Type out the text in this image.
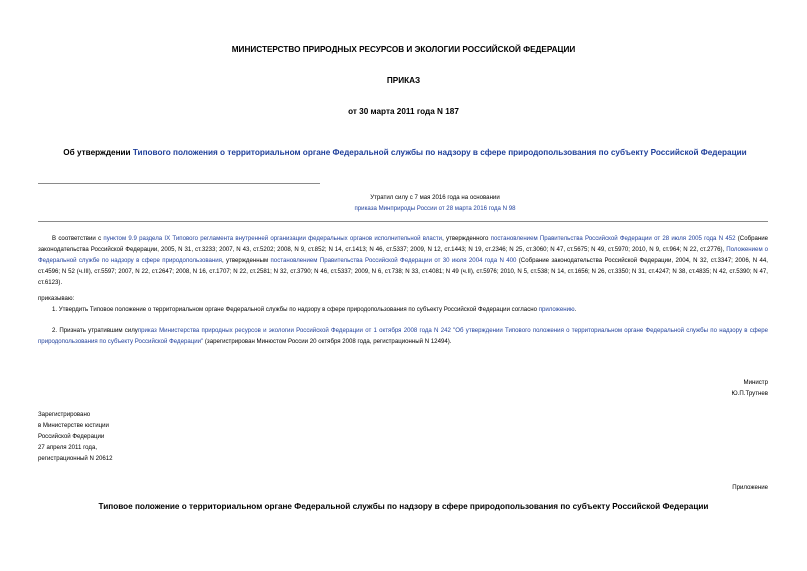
МИНИСТЕРСТВО ПРИРОДНЫХ РЕСУРСОВ И ЭКОЛОГИИ РОССИЙСКОЙ ФЕДЕРАЦИИ
ПРИКАЗ
от 30 марта 2011 года N 187
Об утверждении Типового положения о территориальном органе Федеральной службы по надзору в сфере природопользования по субъекту Российской Федерации
Утратил силу с 7 мая 2016 года на основании
приказа Минприроды России от 28 марта 2016 года N 98
В соответствии с пунктом 9.9 раздела IX Типового регламента внутренней организации федеральных органов исполнительной власти, утвержденного постановлением Правительства Российской Федерации от 28 июля 2005 года N 452 (Собрание законодательства Российской Федерации, 2005, N 31, ст.3233; 2007, N 43, ст.5202; 2008, N 9, ст.852; N 14, ст.1413; N 46, ст.5337; 2009, N 12, ст.1443; N 19, ст.2346; N 25, ст.3060; N 47, ст.5675; N 49, ст.5970; 2010, N 9, ст.964; N 22, ст.2776), Положением о Федеральной службе по надзору в сфере природопользования, утвержденным постановлением Правительства Российской Федерации от 30 июля 2004 года N 400 (Собрание законодательства Российской Федерации, 2004, N 32, ст.3347; 2006, N 44, ст.4596; N 52 (ч.III), ст.5597; 2007, N 22, ст.2647; 2008, N 16, ст.1707; N 22, ст.2581; N 32, ст.3790; N 46, ст.5337; 2009, N 6, ст.738; N 33, ст.4081; N 49 (ч.II), ст.5976; 2010, N 5, ст.538; N 14, ст.1656; N 26, ст.3350; N 31, ст.4247; N 38, ст.4835; N 42, ст.5390; N 47, ст.6123).
приказываю:
1. Утвердить Типовое положение о территориальном органе Федеральной службы по надзору в сфере природопользования по субъекту Российской Федерации согласно приложению.
2. Признать утратившим силуприказ Министерства природных ресурсов и экологии Российской Федерации от 1 октября 2008 года N 242 "Об утверждении Типового положения о территориальном органе Федеральной службы по надзору в сфере природопользования по субъекту Российской Федерации" (зарегистрирован Минюстом России 20 октября 2008 года, регистрационный N 12494).
Министр
Ю.П.Трутнев
Зарегистрировано
в Министерстве юстиции
Российской Федерации
27 апреля 2011 года,
регистрационный N 20612
Приложение
Типовое положение о территориальном органе Федеральной службы по надзору в сфере природопользования по субъекту Российской Федерации
